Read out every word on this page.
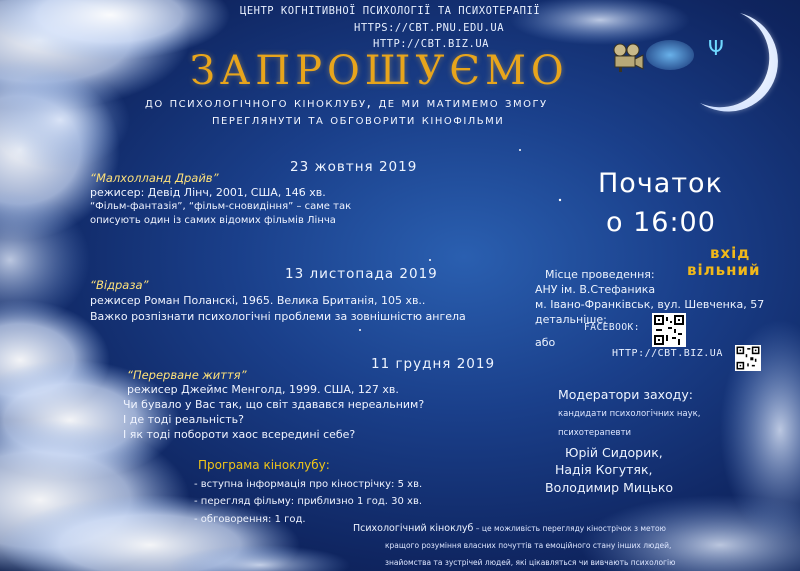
Ψ
ЦЕНТР КОГНІТИВНОЇ ПСИХОЛОГІЇ ТА ПСИХОТЕРАПІЇ
HTTPS://CBT.PNU.EDU.UA
HTTP://CBT.BIZ.UA
ЗАПРОШУЄМО
до психологічного кіноклубу, де ми матимемо змогу
переглянути та обговорити кінофільми
23 жовтня 2019
“Малхолланд Драйв”
режисер: Девід Лінч, 2001, США, 146 хв.
“Фільм-фантазія”, “фільм-сновидіння” – саме так
описують один із самих відомих фільмів Лінча
13 листопада 2019
“Відраза”
режисер Роман Поланскі, 1965. Велика Британія, 105 хв..
Важко розпізнати психологічні проблеми за зовнішністю ангела
11 грудня 2019
“Перерване життя”
режисер Джеймс Менголд, 1999. США, 127 хв.
Чи бувало у Вас так, що світ здавався нереальним?
І де тоді реальність?
І як тоді побороти хаос всередині себе?
Програма кіноклубу:
- вступна інформація про кінострічку: 5 хв.
- перегляд фільму: приблизно 1 год. 30 хв.
- обговорення: 1 год.
Початок
о 16:00
вхід
вільний
Місце проведення:
АНУ ім. В.Стефаника
м. Івано-Франківськ, вул. Шевченка, 57
детальніше:
FACEBOOK:
або
HTTP://CBT.BIZ.UA
Модератори заходу:
кандидати психологічних наук,
психотерапевти
Юрій Сидорик,
Надія Когутяк,
Володимир Мицько
Психологічний кіноклуб – це можливість перегляду кінострічок з метою
кращого розуміння власних почуттів та емоційного стану інших людей,
знайомства та зустрічей людей, які цікавляться чи вивчають психологію
